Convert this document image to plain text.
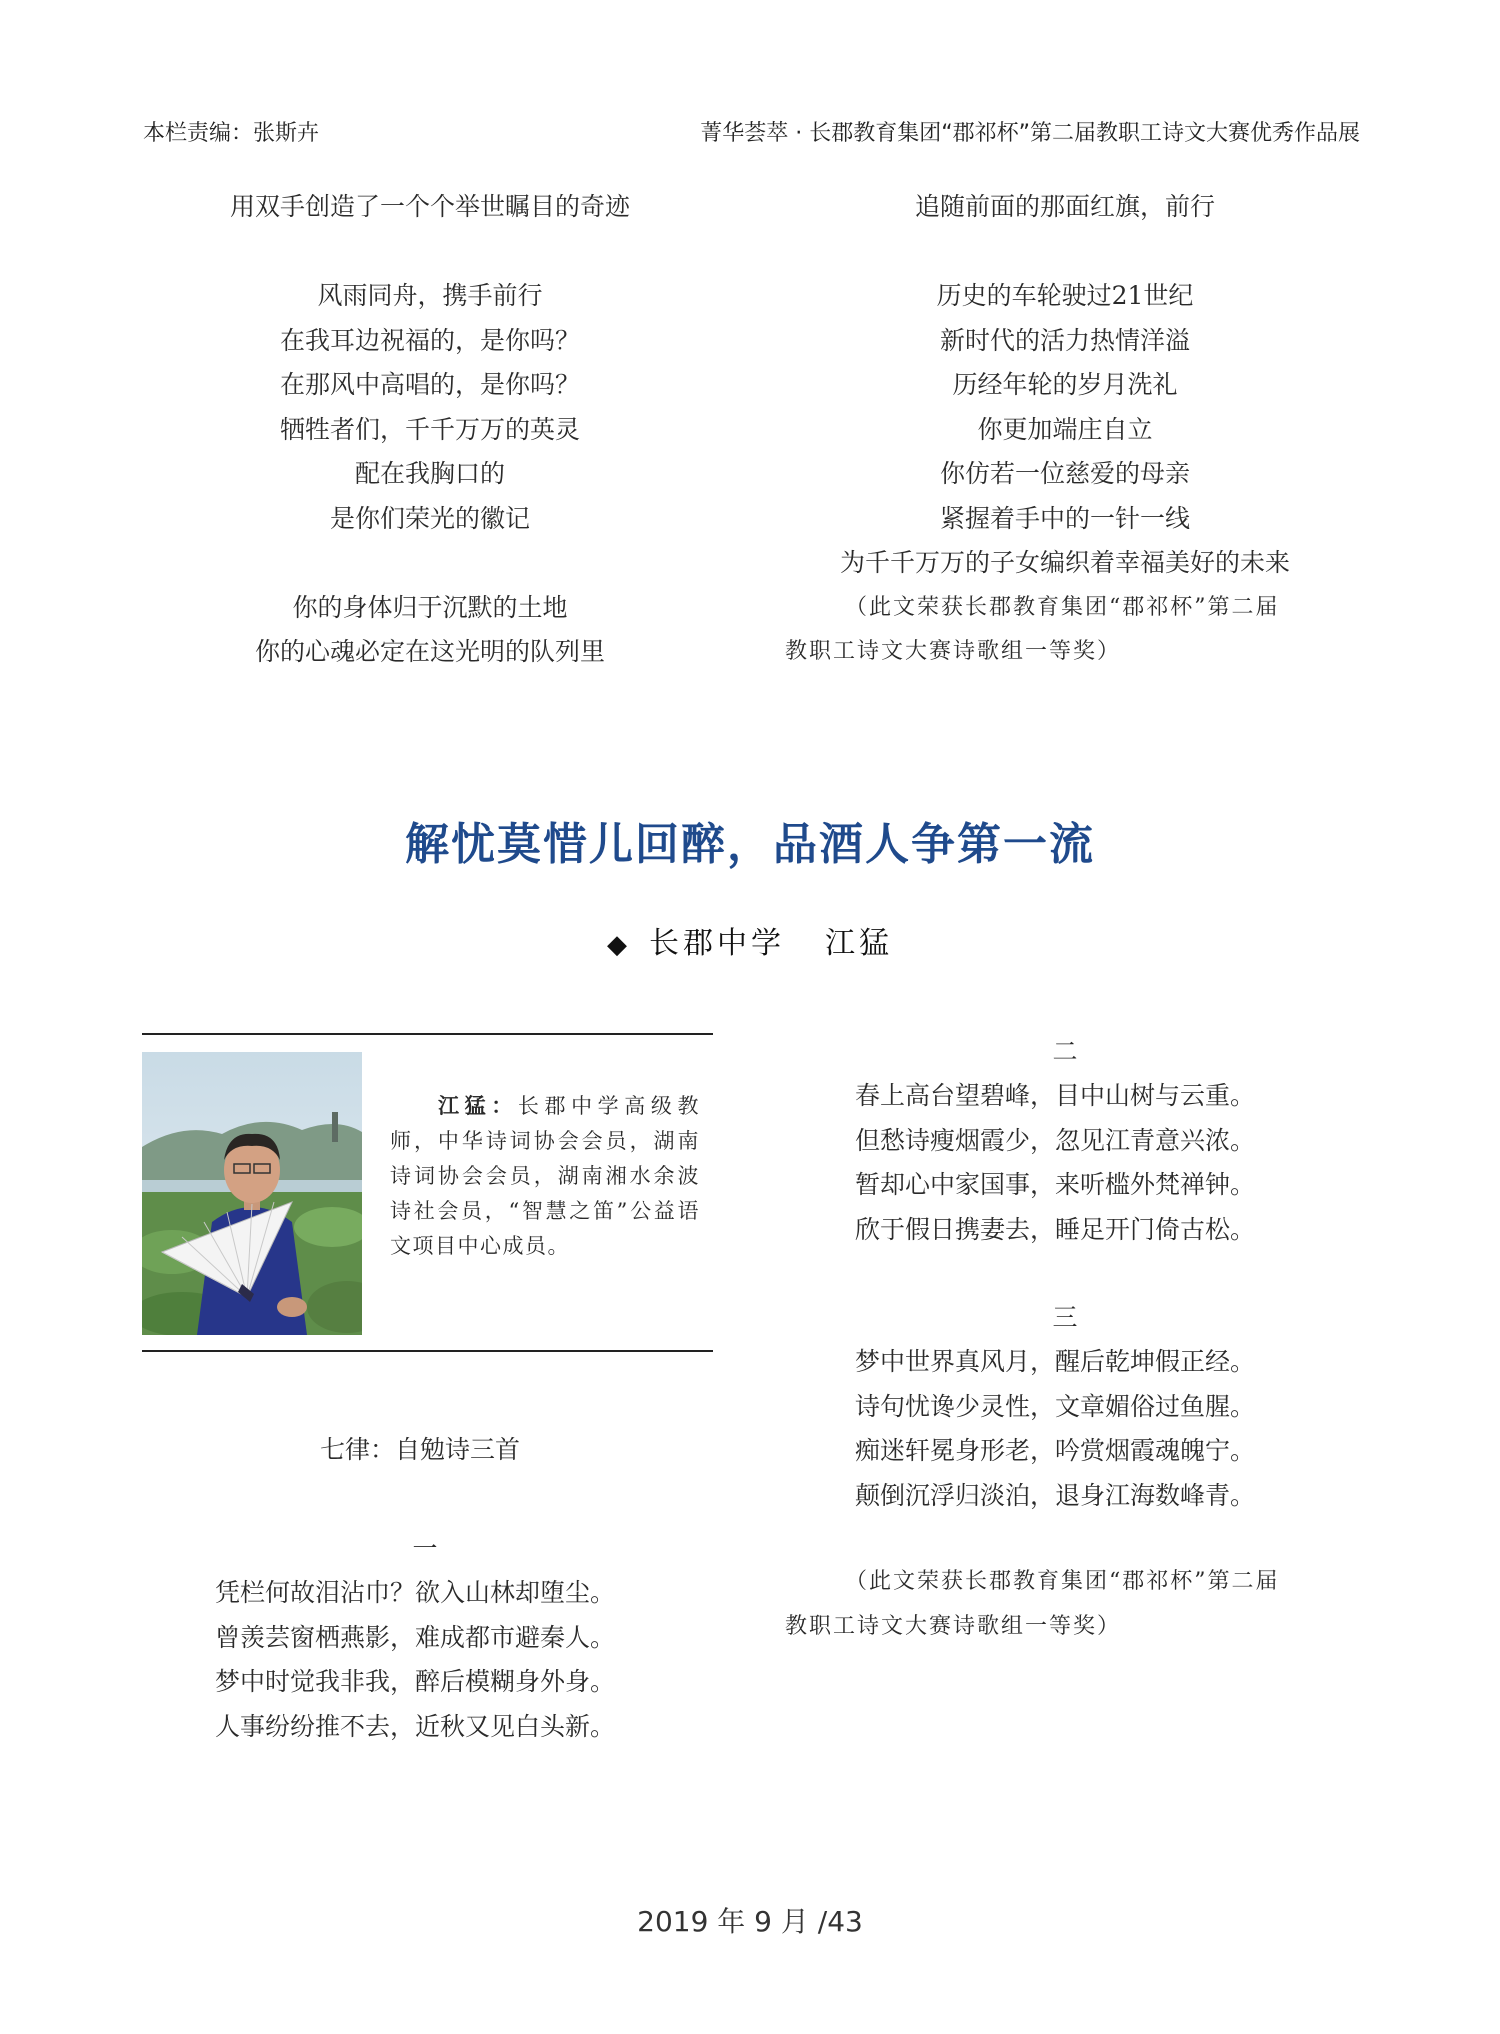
本栏责编：张斯卉	菁华荟萃 · 长郡教育集团“郡祁杯”第二届教职工诗文大赛优秀作品展
用双手创造了一个个举世瞩目的奇迹
风雨同舟，携手前行
在我耳边祝福的，是你吗？
在那风中高唱的，是你吗？
牺牲者们，千千万万的英灵
配在我胸口的
是你们荣光的徽记
你的身体归于沉默的土地
你的心魂必定在这光明的队列里
追随前面的那面红旗，前行
历史的车轮驶过21世纪
新时代的活力热情洋溢
历经年轮的岁月洗礼
你更加端庄自立
你仿若一位慈爱的母亲
紧握着手中的一针一线
为千千万万的子女编织着幸福美好的未来
（此文荣获长郡教育集团“郡祁杯”第二届
教职工诗文大赛诗歌组一等奖）
解忧莫惜儿回醉，品酒人争第一流
◆ 长郡中学 江猛
江猛：长郡中学高级教师，中华诗词协会会员，湖南诗词协会会员，湖南湘水余波诗社会员，“智慧之笛”公益语文项目中心成员。
七律：自勉诗三首
一
凭栏何故泪沾巾？欲入山林却堕尘。
曾羡芸窗栖燕影，难成都市避秦人。
梦中时觉我非我，醉后模糊身外身。
人事纷纷推不去，近秋又见白头新。
二
春上高台望碧峰，目中山树与云重。
但愁诗瘦烟霞少，忽见江青意兴浓。
暂却心中家国事，来听槛外梵禅钟。
欣于假日携妻去，睡足开门倚古松。
三
梦中世界真风月，醒后乾坤假正经。
诗句忧谗少灵性，文章媚俗过鱼腥。
痴迷轩冕身形老，吟赏烟霞魂魄宁。
颠倒沉浮归淡泊，退身江海数峰青。
（此文荣获长郡教育集团“郡祁杯”第二届
教职工诗文大赛诗歌组一等奖）
2019 年 9 月 /43
